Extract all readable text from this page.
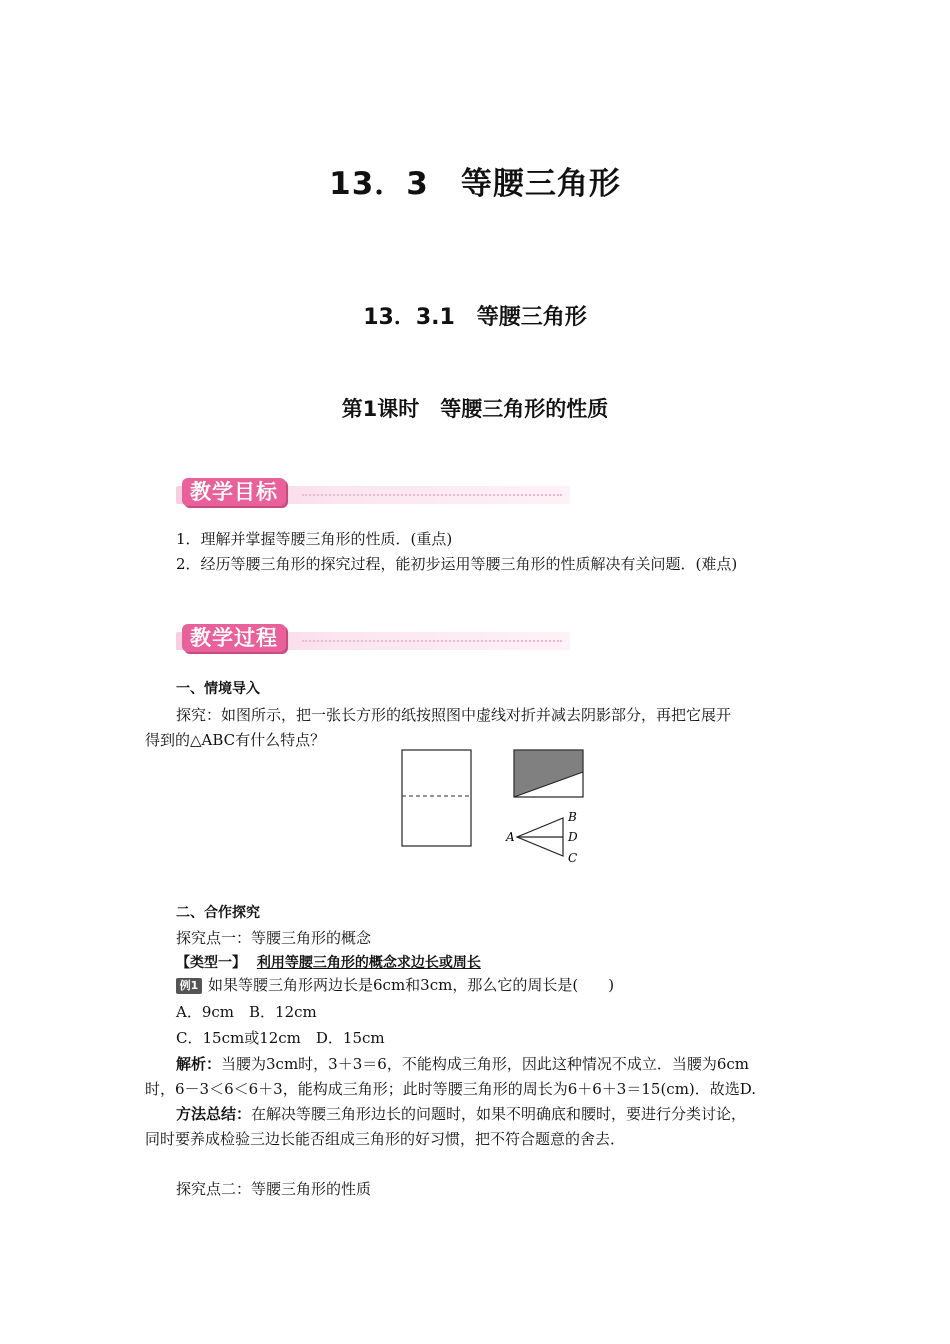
13．3　等腰三角形
13．3.1　等腰三角形
第1课时　等腰三角形的性质
教学目标
1．理解并掌握等腰三角形的性质．(重点)
2．经历等腰三角形的探究过程，能初步运用等腰三角形的性质解决有关问题．(难点)
教学过程
一、情境导入
探究：如图所示，把一张长方形的纸按照图中虚线对折并减去阴影部分，再把它展开
得到的△ABC有什么特点？
A
B
D
C
二、合作探究
探究点一：等腰三角形的概念
【类型一】 利用等腰三角形的概念求边长或周长
例1 如果等腰三角形两边长是6cm和3cm，那么它的周长是(　　)
A．9cm　B．12cm
C．15cm或12cm　D．15cm
解析：当腰为3cm时，3＋3＝6，不能构成三角形，因此这种情况不成立．当腰为6cm
时，6－3＜6＜6＋3，能构成三角形；此时等腰三角形的周长为6＋6＋3＝15(cm)．故选D.
方法总结：在解决等腰三角形边长的问题时，如果不明确底和腰时，要进行分类讨论，
同时要养成检验三边长能否组成三角形的好习惯，把不符合题意的舍去．
探究点二：等腰三角形的性质
